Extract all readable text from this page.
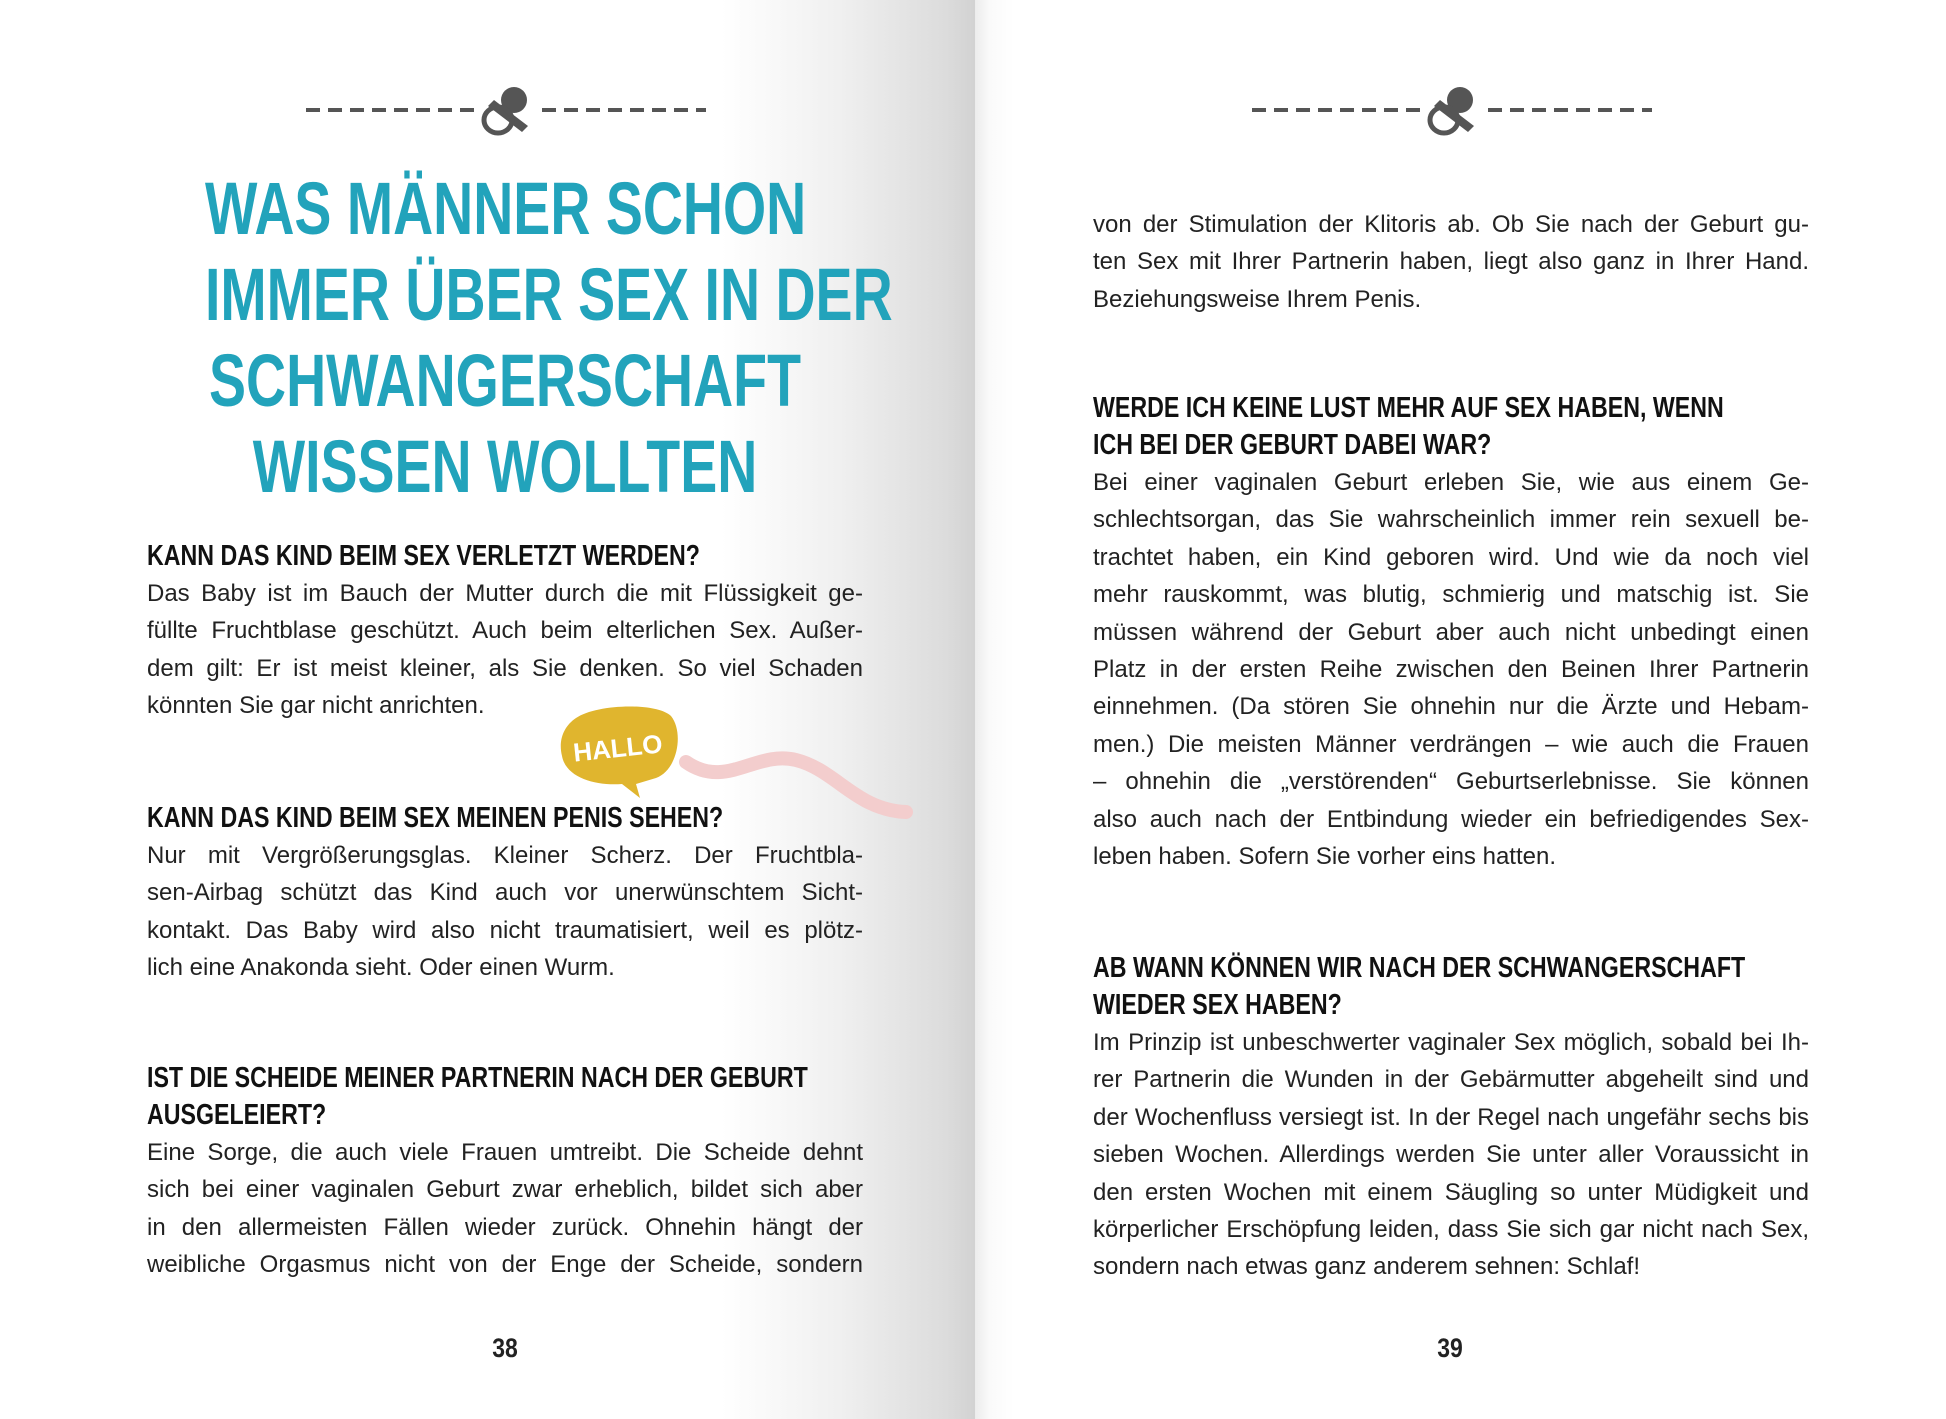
WAS MÄNNER SCHON
IMMER ÜBER SEX IN DER
SCHWANGERSCHAFT
WISSEN WOLLTEN
HALLO
KANN DAS KIND BEIM SEX VERLETZT WERDEN?
Das Baby ist im Bauch der Mutter durch die mit Flüssigkeit ge-
füllte Fruchtblase geschützt. Auch beim elterlichen Sex. Außer-
dem gilt: Er ist meist kleiner, als Sie denken. So viel Schaden
könnten Sie gar nicht anrichten.
KANN DAS KIND BEIM SEX MEINEN PENIS SEHEN?
Nur mit Vergrößerungsglas. Kleiner Scherz. Der Fruchtbla-
sen-Airbag schützt das Kind auch vor unerwünschtem Sicht-
kontakt. Das Baby wird also nicht traumatisiert, weil es plötz-
lich eine Anakonda sieht. Oder einen Wurm.
IST DIE SCHEIDE MEINER PARTNERIN NACH DER GEBURT
AUSGELEIERT?
Eine Sorge, die auch viele Frauen umtreibt. Die Scheide dehnt
sich bei einer vaginalen Geburt zwar erheblich, bildet sich aber
in den allermeisten Fällen wieder zurück. Ohnehin hängt der
weibliche Orgasmus nicht von der Enge der Scheide, sondern
von der Stimulation der Klitoris ab. Ob Sie nach der Geburt gu-
ten Sex mit Ihrer Partnerin haben, liegt also ganz in Ihrer Hand.
Beziehungsweise Ihrem Penis.
WERDE ICH KEINE LUST MEHR AUF SEX HABEN, WENN
ICH BEI DER GEBURT DABEI WAR?
Bei einer vaginalen Geburt erleben Sie, wie aus einem Ge-
schlechtsorgan, das Sie wahrscheinlich immer rein sexuell be-
trachtet haben, ein Kind geboren wird. Und wie da noch viel
mehr rauskommt, was blutig, schmierig und matschig ist. Sie
müssen während der Geburt aber auch nicht unbedingt einen
Platz in der ersten Reihe zwischen den Beinen Ihrer Partnerin
einnehmen. (Da stören Sie ohnehin nur die Ärzte und Hebam-
men.) Die meisten Männer verdrängen – wie auch die Frauen
– ohnehin die „verstörenden“ Geburtserlebnisse. Sie können
also auch nach der Entbindung wieder ein befriedigendes Sex-
leben haben. Sofern Sie vorher eins hatten.
AB WANN KÖNNEN WIR NACH DER SCHWANGERSCHAFT
WIEDER SEX HABEN?
Im Prinzip ist unbeschwerter vaginaler Sex möglich, sobald bei Ih-
rer Partnerin die Wunden in der Gebärmutter abgeheilt sind und
der Wochenfluss versiegt ist. In der Regel nach ungefähr sechs bis
sieben Wochen. Allerdings werden Sie unter aller Voraussicht in
den ersten Wochen mit einem Säugling so unter Müdigkeit und
körperlicher Erschöpfung leiden, dass Sie sich gar nicht nach Sex,
sondern nach etwas ganz anderem sehnen: Schlaf!
38	39
